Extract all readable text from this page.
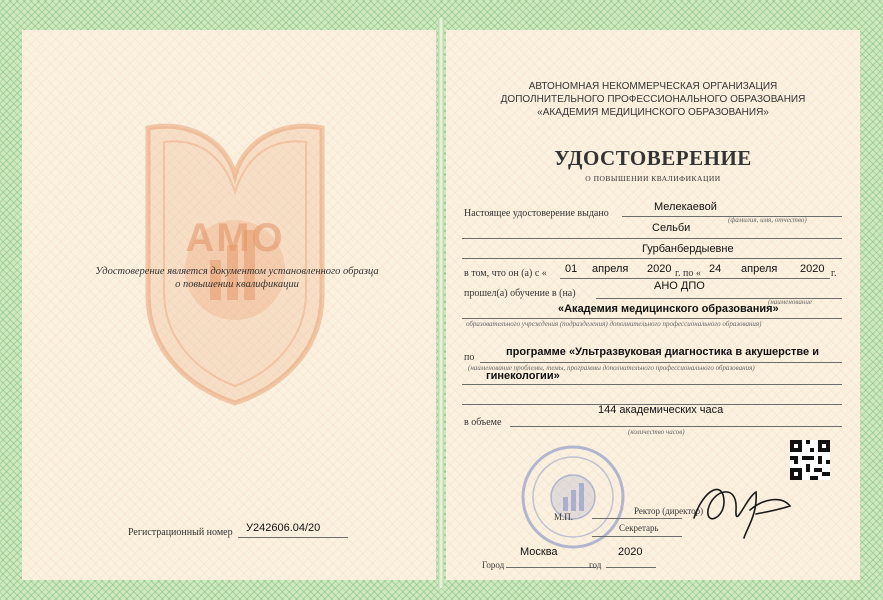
АМО
Удостоверение является документом установленного образца
о повышении квалификации
Регистрационный номер У242606.04/20
АВТОНОМНАЯ НЕКОММЕРЧЕСКАЯ ОРГАНИЗАЦИЯ
ДОПОЛНИТЕЛЬНОГО ПРОФЕССИОНАЛЬНОГО ОБРАЗОВАНИЯ
«АКАДЕМИЯ МЕДИЦИНСКОГО ОБРАЗОВАНИЯ»
УДОСТОВЕРЕНИЕ
О ПОВЫШЕНИИ КВАЛИФИКАЦИИ
Настоящее удостоверение выдано
Мелекаевой
(фамилия, имя, отчество)
Сельби
Гурбанбердыевне
в том, что он (а) с « 01 апреля 2020 г. по « 24 апреля 2020 г.
прошел(а) обучение в (на)
АНО ДПО
(наименование
«Академия медицинского образования»
образовательного учреждения (подразделения) дополнительного профессионального образования)
по	программе «Ультразвуковая диагностика в акушерстве и
(наименование проблемы, темы, программы дополнительного профессионального образования)
гинекологии»
144 академических часа
в объеме
(количество часов)
М.П.
Ректор (директор)
Секретарь
Москва	2020
Город	год
